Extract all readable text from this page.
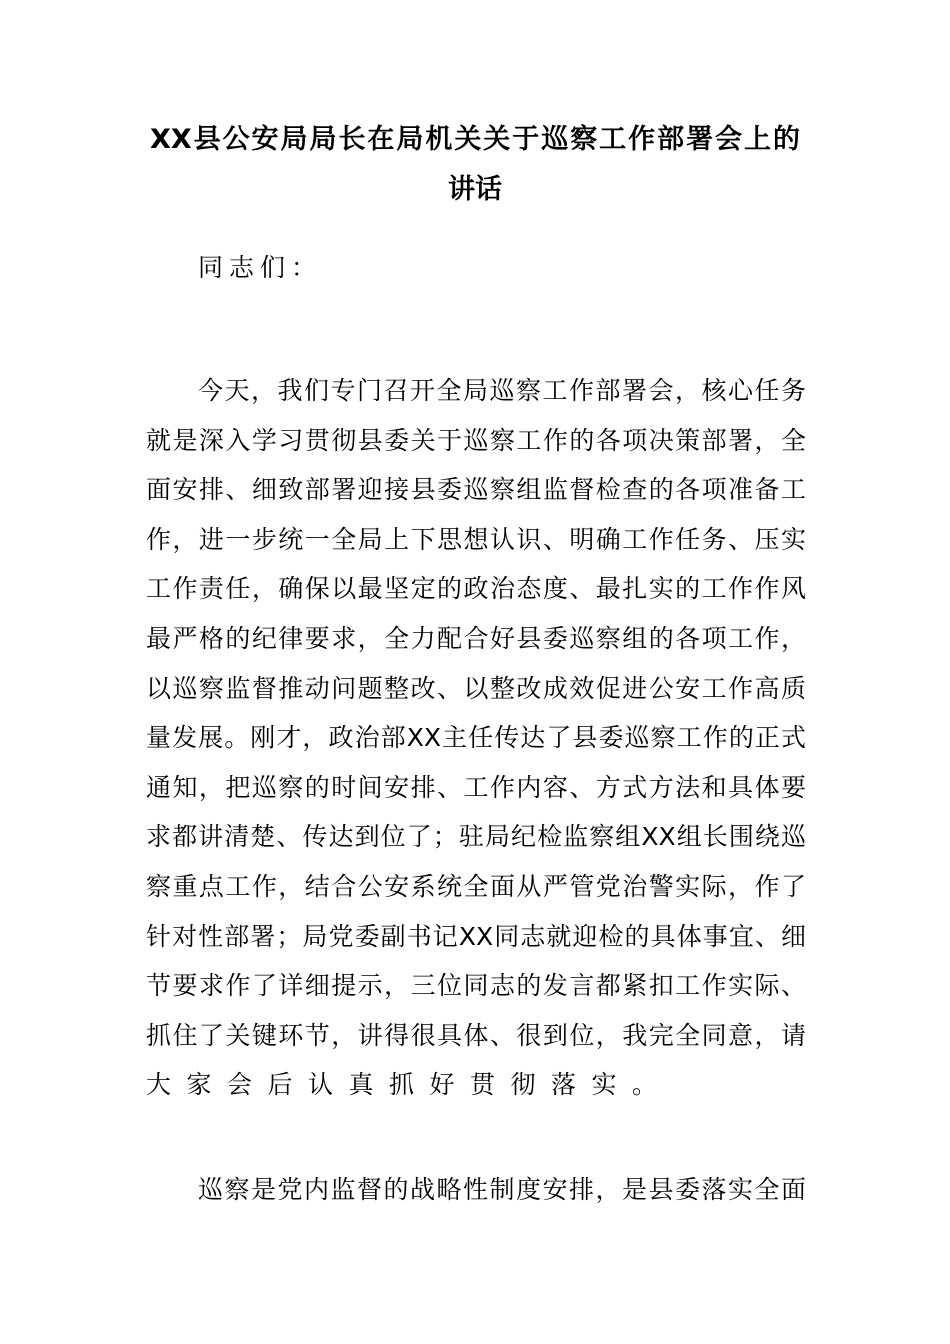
XX县公安局局长在局机关关于巡察工作部署会上的
讲话
同志们：
今天，我们专门召开全局巡察工作部署会，核心任务
就是深入学习贯彻县委关于巡察工作的各项决策部署，全
面安排、细致部署迎接县委巡察组监督检查的各项准备工
作，进一步统一全局上下思想认识、明确工作任务、压实
工作责任，确保以最坚定的政治态度、最扎实的工作作风
最严格的纪律要求，全力配合好县委巡察组的各项工作，
以巡察监督推动问题整改、以整改成效促进公安工作高质
量发展。刚才，政治部XX主任传达了县委巡察工作的正式
通知，把巡察的时间安排、工作内容、方式方法和具体要
求都讲清楚、传达到位了；驻局纪检监察组XX组长围绕巡
察重点工作，结合公安系统全面从严管党治警实际，作了
针对性部署；局党委副书记XX同志就迎检的具体事宜、细
节要求作了详细提示，三位同志的发言都紧扣工作实际、
抓住了关键环节，讲得很具体、很到位，我完全同意，请
大家会后认真抓好贯彻落实。
巡察是党内监督的战略性制度安排，是县委落实全面
